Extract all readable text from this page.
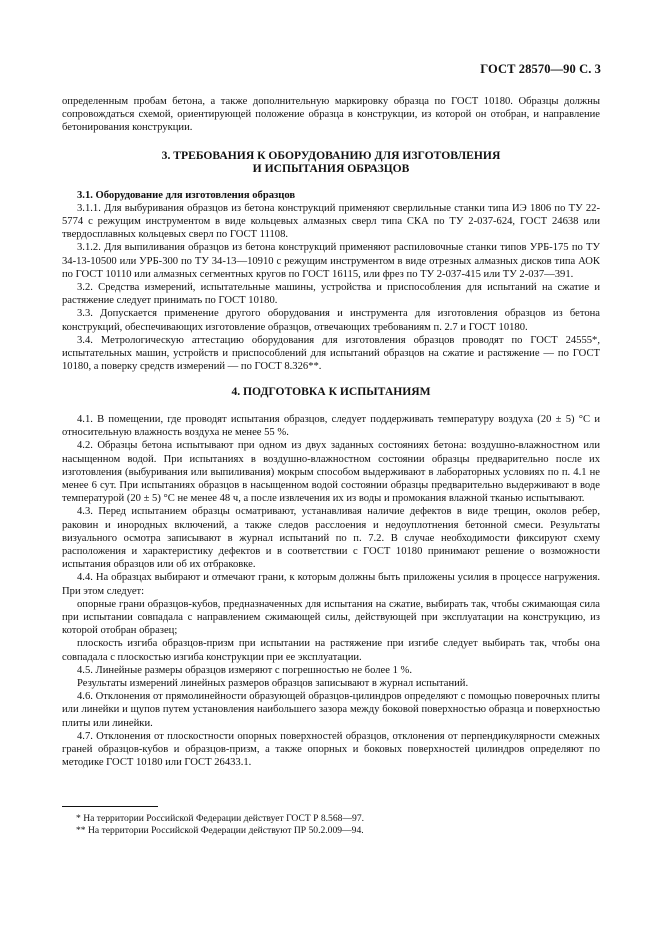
ГОСТ 28570—90 С. 3

определенным пробам бетона, а также дополнительную маркировку образца по ГОСТ 10180. Образцы должны сопровождаться схемой, ориентирующей положение образца в конструкции, из которой он отобран, и направление бетонирования конструкции.

3. ТРЕБОВАНИЯ К ОБОРУДОВАНИЮ ДЛЯ ИЗГОТОВЛЕНИЯ
И ИСПЫТАНИЯ ОБРАЗЦОВ

3.1. Оборудование для изготовления образцов

3.1.1. Для выбуривания образцов из бетона конструкций применяют сверлильные станки типа ИЭ 1806 по ТУ 22-5774 с режущим инструментом в виде кольцевых алмазных сверл типа СКА по ТУ 2-037-624, ГОСТ 24638 или твердосплавных кольцевых сверл по ГОСТ 11108.

3.1.2. Для выпиливания образцов из бетона конструкций применяют распиловочные станки типов УРБ-175 по ТУ 34-13-10500 или УРБ-300 по ТУ 34-13—10910 с режущим инструментом в виде отрезных алмазных дисков типа АОК по ГОСТ 10110 или алмазных сегментных кругов по ГОСТ 16115, или фрез по ТУ 2-037-415 или ТУ 2-037—391.

3.2. Средства измерений, испытательные машины, устройства и приспособления для испытаний на сжатие и растяжение следует принимать по ГОСТ 10180.

3.3. Допускается применение другого оборудования и инструмента для изготовления образцов из бетона конструкций, обеспечивающих изготовление образцов, отвечающих требованиям п. 2.7 и ГОСТ 10180.

3.4. Метрологическую аттестацию оборудования для изготовления образцов проводят по ГОСТ 24555*, испытательных машин, устройств и приспособлений для испытаний образцов на сжатие и растяжение — по ГОСТ 10180, а поверку средств измерений — по ГОСТ 8.326**.

4. ПОДГОТОВКА К ИСПЫТАНИЯМ

4.1. В помещении, где проводят испытания образцов, следует поддерживать температуру воздуха (20 ± 5) °С и относительную влажность воздуха не менее 55 %.

4.2. Образцы бетона испытывают при одном из двух заданных состояниях бетона: воздушно-влажностном или насыщенном водой. При испытаниях в воздушно-влажностном состоянии образцы предварительно после их изготовления (выбуривания или выпиливания) мокрым способом выдерживают в лабораторных условиях по п. 4.1 не менее 6 сут. При испытаниях образцов в насыщенном водой состоянии образцы предварительно выдерживают в воде температурой (20 ± 5) °С не менее 48 ч, а после извлечения их из воды и промокания влажной тканью испытывают.

4.3. Перед испытанием образцы осматривают, устанавливая наличие дефектов в виде трещин, околов ребер, раковин и инородных включений, а также следов расслоения и недоуплотнения бетонной смеси. Результаты визуального осмотра записывают в журнал испытаний по п. 7.2. В случае необходимости фиксируют схему расположения и характеристику дефектов и в соответствии с ГОСТ 10180 принимают решение о возможности испытания образцов или об их отбраковке.

4.4. На образцах выбирают и отмечают грани, к которым должны быть приложены усилия в процессе нагружения. При этом следует:

опорные грани образцов-кубов, предназначенных для испытания на сжатие, выбирать так, чтобы сжимающая сила при испытании совпадала с направлением сжимающей силы, действующей при эксплуатации на конструкцию, из которой отобран образец;

плоскость изгиба образцов-призм при испытании на растяжение при изгибе следует выбирать так, чтобы она совпадала с плоскостью изгиба конструкции при ее эксплуатации.

4.5. Линейные размеры образцов измеряют с погрешностью не более 1 %.

Результаты измерений линейных размеров образцов записывают в журнал испытаний.

4.6. Отклонения от прямолинейности образующей образцов-цилиндров определяют с помощью поверочных плиты или линейки и щупов путем установления наибольшего зазора между боковой поверхностью образца и поверхностью плиты или линейки.

4.7. Отклонения от плоскостности опорных поверхностей образцов, отклонения от перпендикулярности смежных граней образцов-кубов и образцов-призм, а также опорных и боковых поверхностей цилиндров определяют по методике ГОСТ 10180 или ГОСТ 26433.1.

* На территории Российской Федерации действует ГОСТ Р 8.568—97.

** На территории Российской Федерации действуют ПР 50.2.009—94.
